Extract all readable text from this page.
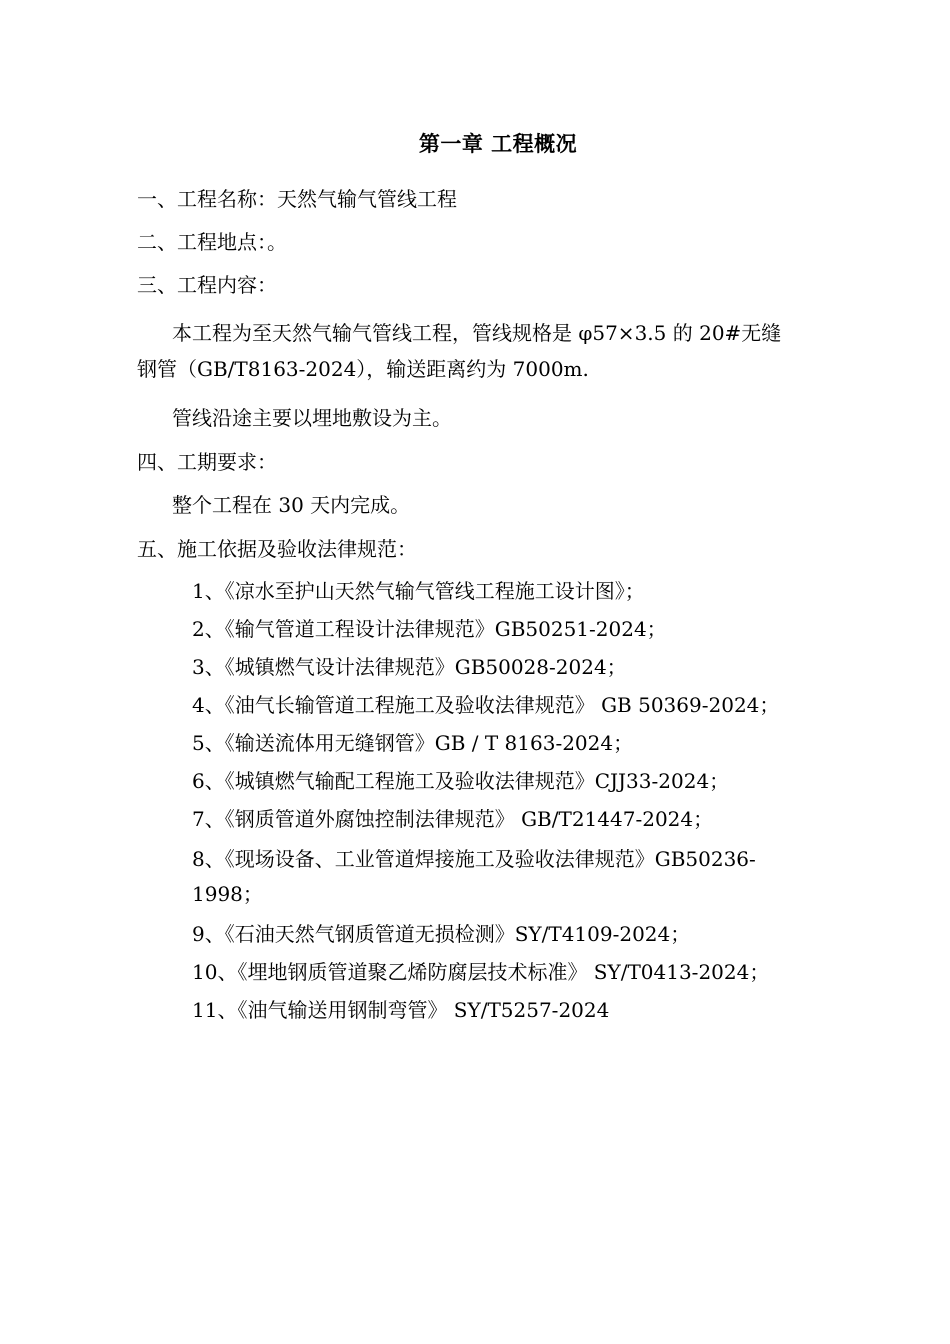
第一章 工程概况
一、工程名称：天然气输气管线工程
二、工程地点：。
三、工程内容：
本工程为至天然气输气管线工程，管线规格是 φ57×3.5 的 20#无缝
钢管（GB/T8163-2024），输送距离约为 7000m.
管线沿途主要以埋地敷设为主。
四、工期要求：
整个工程在 30 天内完成。
五、施工依据及验收法律规范：
1、《凉水至护山天然气输气管线工程施工设计图》；
2、《输气管道工程设计法律规范》GB50251-2024；
3、《城镇燃气设计法律规范》GB50028-2024；
4、《油气长输管道工程施工及验收法律规范》 GB 50369-2024；
5、《输送流体用无缝钢管》GB / T 8163-2024；
6、《城镇燃气输配工程施工及验收法律规范》CJJ33-2024；
7、《钢质管道外腐蚀控制法律规范》 GB/T21447-2024；
8、《现场设备、工业管道焊接施工及验收法律规范》GB50236-
1998；
9、《石油天然气钢质管道无损检测》SY/T4109-2024；
10、《埋地钢质管道聚乙烯防腐层技术标准》 SY/T0413-2024；
11、《油气输送用钢制弯管》 SY/T5257-2024
